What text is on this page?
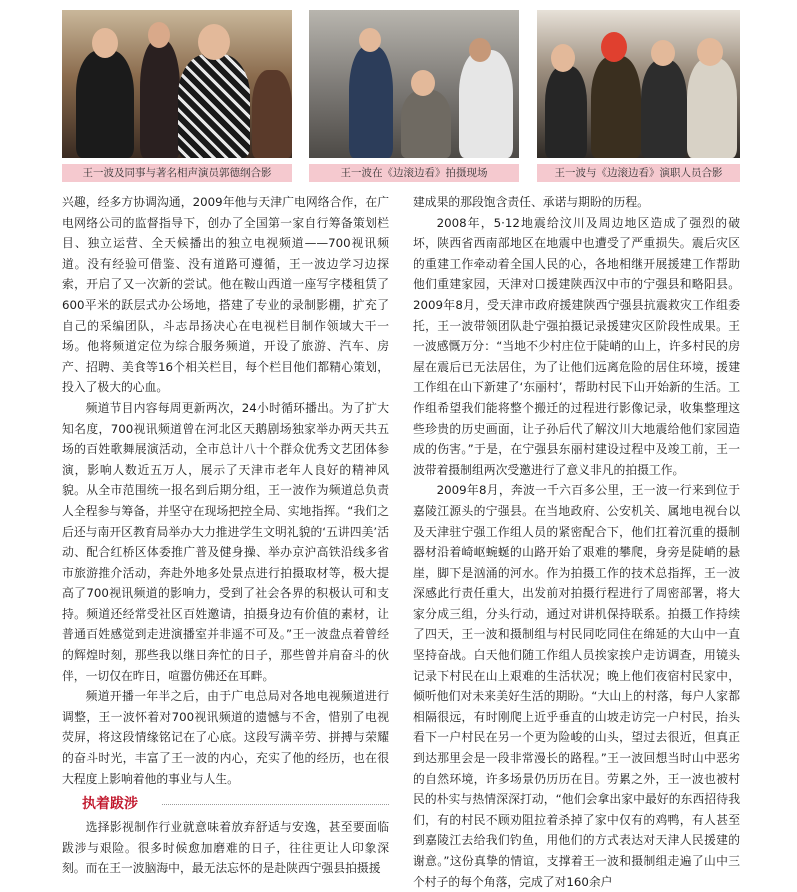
王一波及同事与著名相声演员郭德纲合影	王一波在《边滚边看》拍摄现场	王一波与《边滚边看》演职人员合影

兴趣，经多方协调沟通，2009年他与天津广电网络合作，在广电网络公司的监督指导下，创办了全国第一家自行筹备策划栏目、独立运营、全天候播出的独立电视频道——700视讯频道。没有经验可借鉴、没有道路可遵循，王一波边学习边探索，开启了又一次新的尝试。他在鞍山西道一座写字楼租赁了600平米的跃层式办公场地，搭建了专业的录制影棚，扩充了自己的采编团队，斗志昂扬决心在电视栏目制作领域大干一场。他将频道定位为综合服务频道，开设了旅游、汽车、房产、招聘、美食等16个相关栏目，每个栏目他们都精心策划，投入了极大的心血。

频道节目内容每周更新两次，24小时循环播出。为了扩大知名度，700视讯频道曾在河北区天鹅剧场独家举办两天共五场的百姓歌舞展演活动，全市总计八十个群众优秀文艺团体参演，影响人数近五万人，展示了天津市老年人良好的精神风貌。从全市范围统一报名到后期分组，王一波作为频道总负责人全程参与筹备，并坚守在现场把控全局、实地指挥。“我们之后还与南开区教育局举办大力推进学生文明礼貌的‘五讲四美’活动、配合红桥区体委推广普及健身操、举办京沪高铁沿线多省市旅游推介活动，奔赴外地多处景点进行拍摄取材等，极大提高了700视讯频道的影响力，受到了社会各界的积极认可和支持。频道还经常受社区百姓邀请，拍摄身边有价值的素材，让普通百姓感觉到走进演播室并非遥不可及。”王一波盘点着曾经的辉煌时刻，那些我以继日奔忙的日子，那些曾并肩奋斗的伙伴，一切仅在昨日，喧嚣仿佛还在耳畔。

频道开播一年半之后，由于广电总局对各地电视频道进行调整，王一波怀着对700视讯频道的遗憾与不舍，惜别了电视荧屏，将这段情缘铭记在了心底。这段写满辛劳、拼搏与荣耀的奋斗时光，丰富了王一波的内心，充实了他的经历，也在很大程度上影响着他的事业与人生。

执着跋涉

选择影视制作行业就意味着放弃舒适与安逸，甚至要面临跋涉与艰险。很多时候愈加磨难的日子，往往更让人印象深刻。而在王一波脑海中，最无法忘怀的是赴陕西宁强县拍摄援

建成果的那段饱含责任、承诺与期盼的历程。

2008年，5·12地震给汶川及周边地区造成了强烈的破坏，陕西省西南部地区在地震中也遭受了严重损失。震后灾区的重建工作牵动着全国人民的心，各地相继开展援建工作帮助他们重建家园，天津对口援建陕西汉中市的宁强县和略阳县。2009年8月，受天津市政府援建陕西宁强县抗震救灾工作组委托，王一波带领团队赴宁强拍摄记录援建灾区阶段性成果。王一波感慨万分：“当地不少村庄位于陡峭的山上，许多村民的房屋在震后已无法居住，为了让他们远离危险的居住环境，援建工作组在山下新建了‘东丽村’，帮助村民下山开始新的生活。工作组希望我们能将整个搬迁的过程进行影像记录，收集整理这些珍贵的历史画面，让子孙后代了解汶川大地震给他们家园造成的伤害。”于是，在宁强县东丽村建设过程中及竣工前，王一波带着摄制组两次受邀进行了意义非凡的拍摄工作。

2009年8月，奔波一千六百多公里，王一波一行来到位于嘉陵江源头的宁强县。在当地政府、公安机关、属地电视台以及天津驻宁强工作组人员的紧密配合下，他们扛着沉重的摄制器材沿着崎岖蜿蜒的山路开始了艰难的攀爬，身旁是陡峭的悬崖，脚下是汹涌的河水。作为拍摄工作的技术总指挥，王一波深感此行责任重大，出发前对拍摄行程进行了周密部署，将大家分成三组，分头行动，通过对讲机保持联系。拍摄工作持续了四天，王一波和摄制组与村民同吃同住在绵延的大山中一直坚持奋战。白天他们随工作组人员挨家挨户走访调查，用镜头记录下村民在山上艰难的生活状况；晚上他们夜宿村民家中，倾听他们对未来美好生活的期盼。“大山上的村落，每户人家都相隔很远，有时刚爬上近乎垂直的山坡走访完一户村民，抬头看下一户村民在另一个更为险峻的山头，望过去很近，但真正到达那里会是一段非常漫长的路程。”王一波回想当时山中恶劣的自然环境，许多场景仍历历在目。劳累之外，王一波也被村民的朴实与热情深深打动，“他们会拿出家中最好的东西招待我们，有的村民不顾劝阻拉着杀掉了家中仅有的鸡鸭，有人甚至到嘉陵江去给我们钓鱼，用他们的方式表达对天津人民援建的谢意。”这份真挚的情谊，支撑着王一波和摄制组走遍了山中三个村子的每个角落，完成了对160余户
